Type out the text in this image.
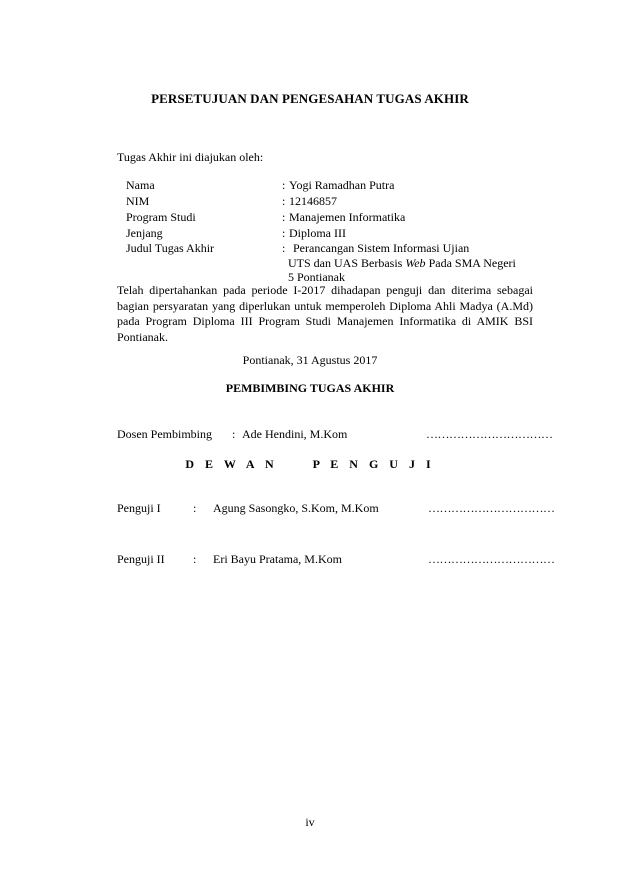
PERSETUJUAN DAN PENGESAHAN TUGAS AKHIR
Tugas Akhir ini diajukan oleh:
Nama	: Yogi Ramadhan Putra
NIM	: 12146857
Program Studi	: Manajemen Informatika
Jenjang	: Diploma III
Judul Tugas Akhir	: Perancangan Sistem Informasi Ujian
UTS dan UAS Berbasis Web Pada SMA Negeri
5 Pontianak
Telah dipertahankan pada periode I-2017 dihadapan penguji dan diterima sebagai bagian persyaratan yang diperlukan untuk memperoleh Diploma Ahli Madya (A.Md) pada Program Diploma III Program Studi Manajemen Informatika di AMIK BSI Pontianak.
Pontianak, 31 Agustus 2017
PEMBIMBING TUGAS AKHIR
Dosen Pembimbing : Ade Hendini, M.Kom	……………………………
D E W A N     P E N G U J I
Penguji I	: Agung Sasongko, S.Kom, M.Kom	……………………………
Penguji II : Eri Bayu Pratama, M.Kom	……………………………
iv
